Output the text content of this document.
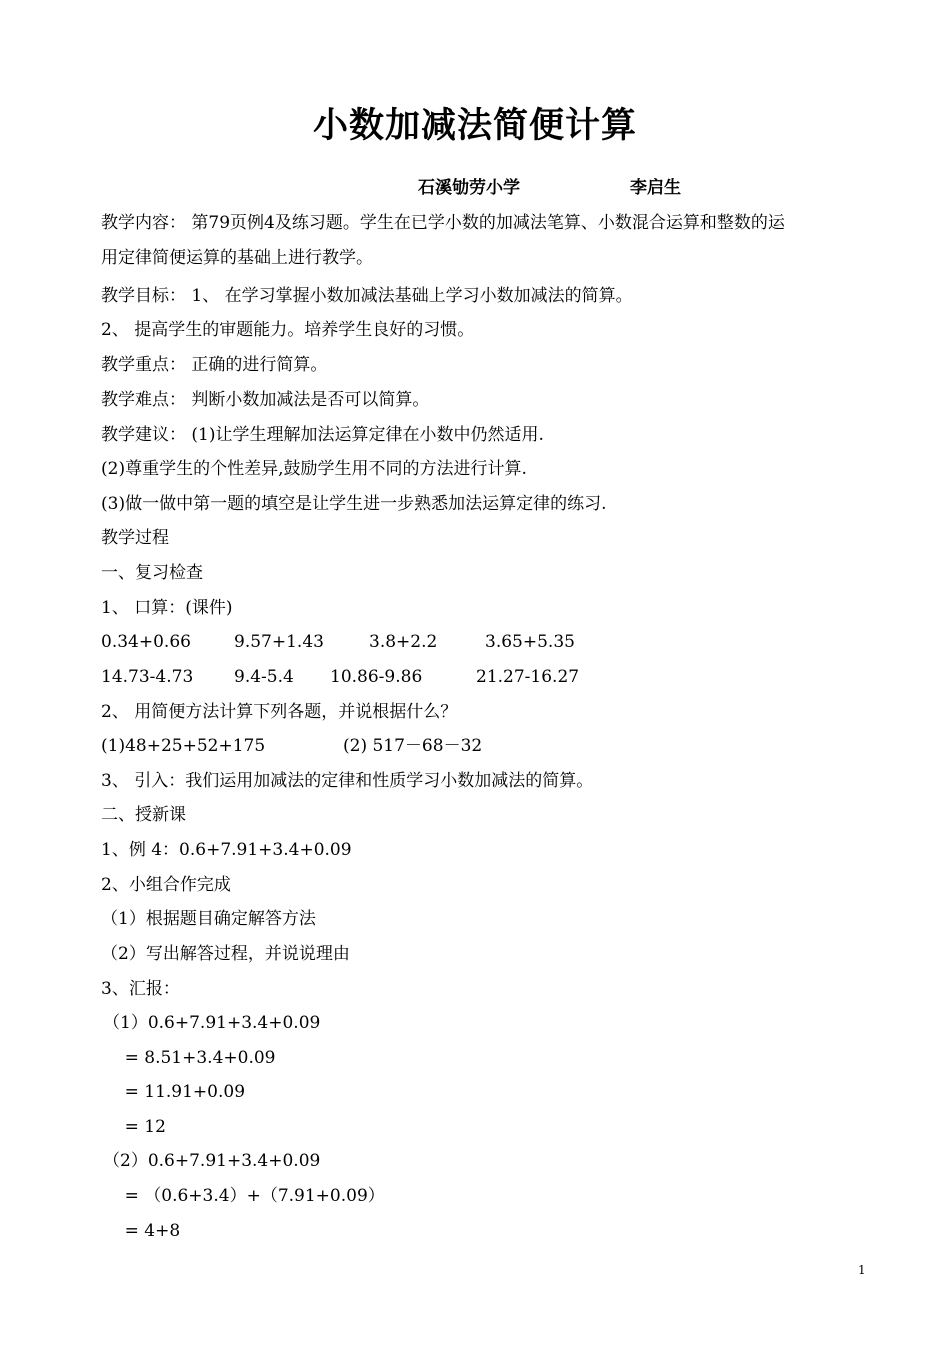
小数加减法简便计算
石溪劬劳小学	李启生
教学内容： 第79页例4及练习题。学生在已学小数的加减法笔算、小数混合运算和整数的运
用定律简便运算的基础上进行教学。
教学目标： 1、 在学习掌握小数加减法基础上学习小数加减法的简算。
2、 提高学生的审题能力。培养学生良好的习惯。
教学重点： 正确的进行简算。
教学难点： 判断小数加减法是否可以简算。
教学建议： (1)让学生理解加法运算定律在小数中仍然适用.
(2)尊重学生的个性差异,鼓励学生用不同的方法进行计算.
(3)做一做中第一题的填空是让学生进一步熟悉加法运算定律的练习.
教学过程
一、复习检查
1、 口算：(课件)
0.34+0.66	9.57+1.43	3.8+2.2	3.65+5.35
14.73-4.73 9.4-5.4 10.86-9.86	21.27-16.27
2、 用简便方法计算下列各题，并说根据什么？
(1)48+25+52+175	(2) 517－68－32
3、 引入：我们运用加减法的定律和性质学习小数加减法的简算。
二、授新课
1、例 4：0.6+7.91+3.4+0.09
2、小组合作完成
（1）根据题目确定解答方法
（2）写出解答过程，并说说理由
3、汇报：
（1）0.6+7.91+3.4+0.09
= 8.51+3.4+0.09
= 11.91+0.09
= 12
（2）0.6+7.91+3.4+0.09
= （0.6+3.4）+（7.91+0.09）
= 4+8
1
